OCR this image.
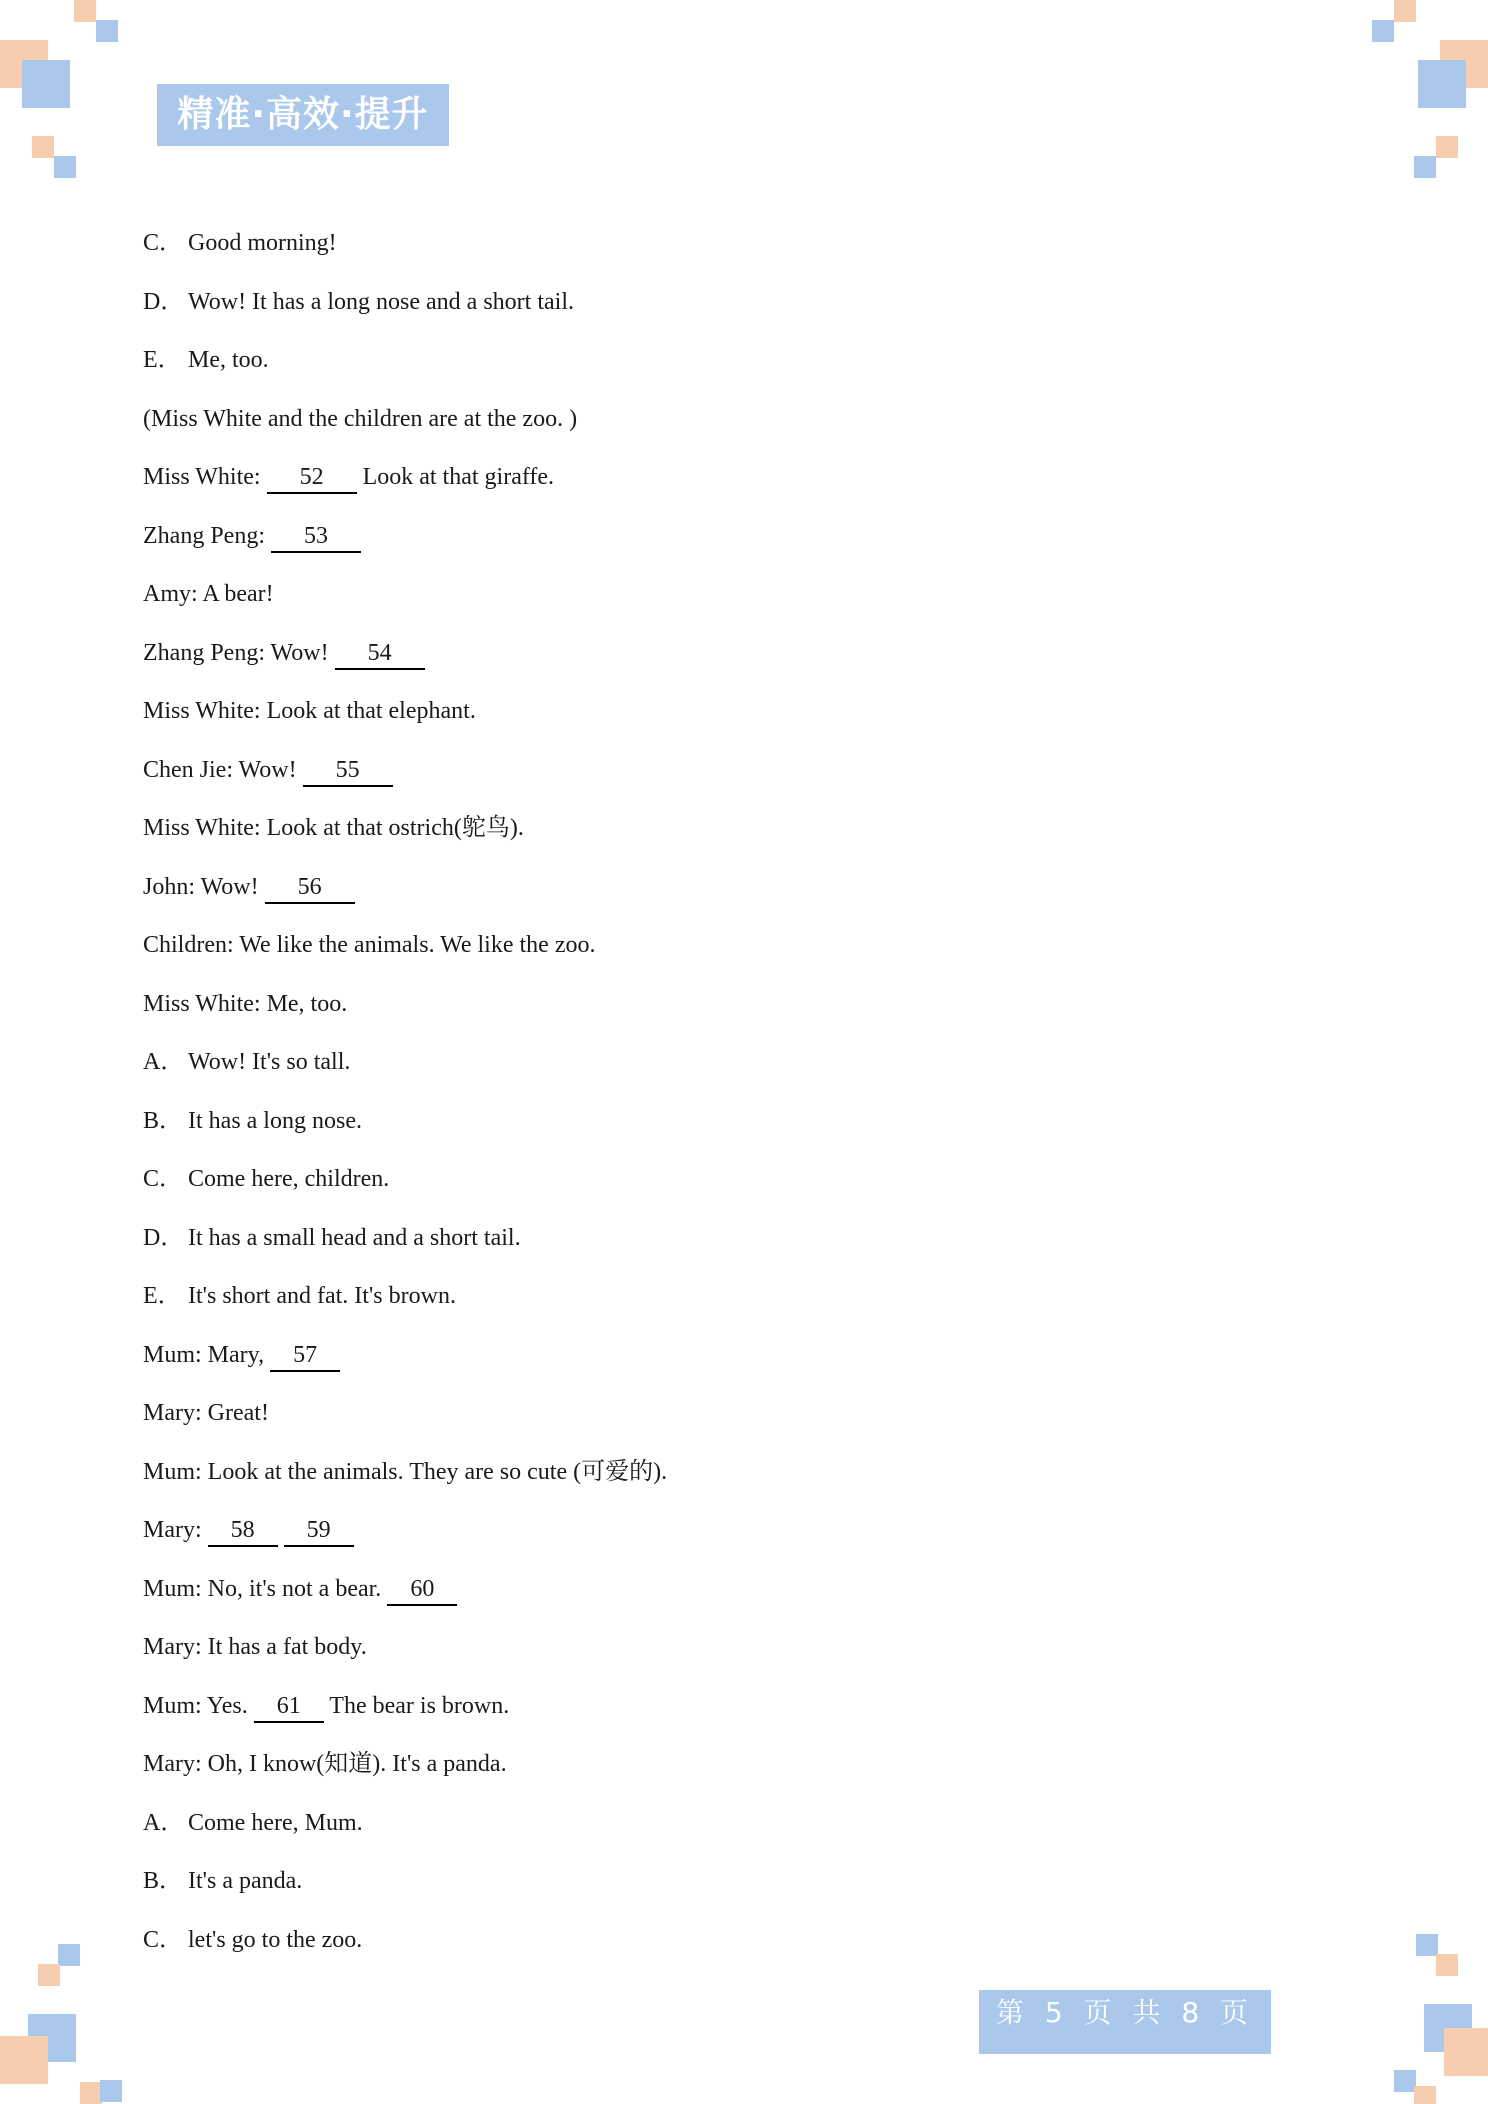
精准·高效·提升
C． Good morning!
D． Wow! It has a long nose and a short tail.
E． Me, too.
(Miss White and the children are at the zoo. )
Miss White: 52 Look at that giraffe.
Zhang Peng: 53
Amy: A bear!
Zhang Peng: Wow! 54
Miss White: Look at that elephant.
Chen Jie: Wow! 55
Miss White: Look at that ostrich(鸵鸟).
John: Wow! 56
Children: We like the animals. We like the zoo.
Miss White: Me, too.
A． Wow! It's so tall.
B． It has a long nose.
C． Come here, children.
D． It has a small head and a short tail.
E． It's short and fat. It's brown.
Mum: Mary, 57
Mary: Great!
Mum: Look at the animals. They are so cute (可爱的).
Mary: 58 59
Mum: No, it's not a bear. 60
Mary: It has a fat body.
Mum: Yes. 61 The bear is brown.
Mary: Oh, I know(知道). It's a panda.
A． Come here, Mum.
B． It's a panda.
C． let's go to the zoo.
第 5 页 共 8 页
